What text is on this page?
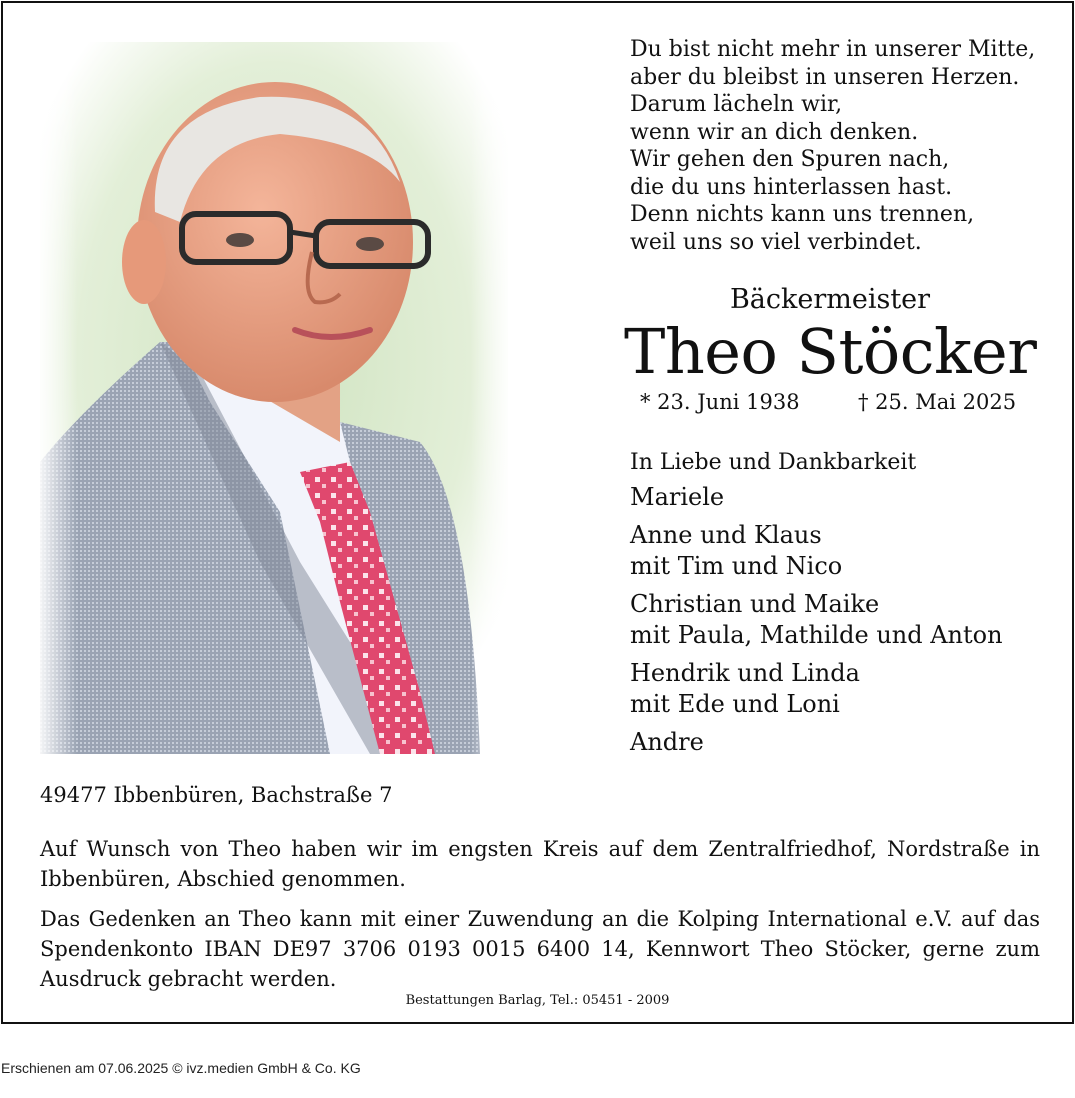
Du bist nicht mehr in unserer Mitte,
aber du bleibst in unseren Herzen.
Darum lächeln wir,
wenn wir an dich denken.
Wir gehen den Spuren nach,
die du uns hinterlassen hast.
Denn nichts kann uns trennen,
weil uns so viel verbindet.
Bäckermeister
Theo Stöcker
* 23. Juni 1938	† 25. Mai 2025
In Liebe und Dankbarkeit
Mariele
Anne und Klaus
mit Tim und Nico
Christian und Maike
mit Paula, Mathilde und Anton
Hendrik und Linda
mit Ede und Loni
Andre
49477 Ibbenbüren, Bachstraße 7
Auf Wunsch von Theo haben wir im engsten Kreis auf dem Zentralfriedhof, Nordstraße in Ibbenbüren, Abschied genommen.
Das Gedenken an Theo kann mit einer Zuwendung an die Kolping International e.V. auf das Spendenkonto IBAN DE97 3706 0193 0015 6400 14, Kennwort Theo Stöcker, gerne zum Ausdruck gebracht werden.
Bestattungen Barlag, Tel.: 05451 - 2009
Erschienen am 07.06.2025 © ivz.medien GmbH & Co. KG
